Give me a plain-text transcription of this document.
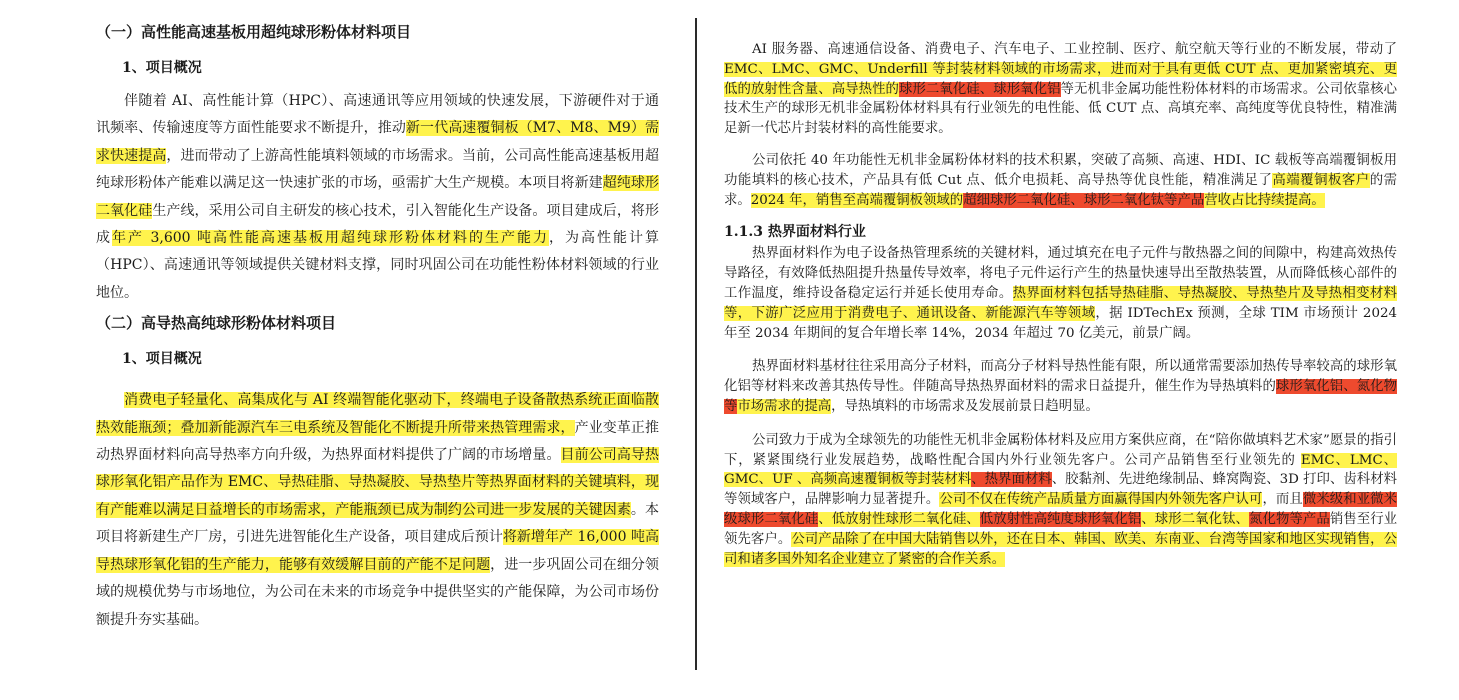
（一）高性能高速基板用超纯球形粉体材料项目
1、项目概况

伴随着 AI、高性能计算（HPC）、高速通讯等应用领域的快速发展，下游硬件对于通讯频率、传输速度等方面性能要求不断提升，推动新一代高速覆铜板（M7、M8、M9）需求快速提高，进而带动了上游高性能填料领域的市场需求。当前，公司高性能高速基板用超纯球形粉体产能难以满足这一快速扩张的市场，亟需扩大生产规模。本项目将新建超纯球形二氧化硅生产线，采用公司自主研发的核心技术，引入智能化生产设备。项目建成后，将形成年产 3,600 吨高性能高速基板用超纯球形粉体材料的生产能力，为高性能计算（HPC）、高速通讯等领域提供关键材料支撑，同时巩固公司在功能性粉体材料领域的行业地位。

（二）高导热高纯球形粉体材料项目
1、项目概况

消费电子轻量化、高集成化与 AI 终端智能化驱动下，终端电子设备散热系统正面临散热效能瓶颈；叠加新能源汽车三电系统及智能化不断提升所带来热管理需求，产业变革正推动热界面材料向高导热率方向升级，为热界面材料提供了广阔的市场增量。目前公司高导热球形氧化铝产品作为 EMC、导热硅脂、导热凝胶、导热垫片等热界面材料的关键填料，现有产能难以满足日益增长的市场需求，产能瓶颈已成为制约公司进一步发展的关键因素。本项目将新建生产厂房，引进先进智能化生产设备，项目建成后预计将新增年产 16,000 吨高导热球形氧化铝的生产能力，能够有效缓解目前的产能不足问题，进一步巩固公司在细分领域的规模优势与市场地位，为公司在未来的市场竞争中提供坚实的产能保障，为公司市场份额提升夯实基础。

AI 服务器、高速通信设备、消费电子、汽车电子、工业控制、医疗、航空航天等行业的不断发展，带动了 EMC、LMC、GMC、Underfill 等封装材料领域的市场需求，进而对于具有更低 CUT 点、更加紧密填充、更低的放射性含量、高导热性的球形二氧化硅、球形氧化铝等无机非金属功能性粉体材料的市场需求。公司依靠核心技术生产的球形无机非金属粉体材料具有行业领先的电性能、低 CUT 点、高填充率、高纯度等优良特性，精准满足新一代芯片封装材料的高性能要求。

公司依托 40 年功能性无机非金属粉体材料的技术积累，突破了高频、高速、HDI、IC 载板等高端覆铜板用功能填料的核心技术，产品具有低 Cut 点、低介电损耗、高导热等优良性能，精准满足了高端覆铜板客户的需求。2024 年，销售至高端覆铜板领域的超细球形二氧化硅、球形二氧化钛等产品营收占比持续提高。

1.1.3 热界面材料行业

热界面材料作为电子设备热管理系统的关键材料，通过填充在电子元件与散热器之间的间隙中，构建高效热传导路径，有效降低热阻提升热量传导效率，将电子元件运行产生的热量快速导出至散热装置，从而降低核心部件的工作温度，维持设备稳定运行并延长使用寿命。热界面材料包括导热硅脂、导热凝胶、导热垫片及导热相变材料等，下游广泛应用于消费电子、通讯设备、新能源汽车等领域，据 IDTechEx 预测，全球 TIM 市场预计 2024 年至 2034 年期间的复合年增长率 14%，2034 年超过 70 亿美元，前景广阔。

热界面材料基材往往采用高分子材料，而高分子材料导热性能有限，所以通常需要添加热传导率较高的球形氧化铝等材料来改善其热传导性。伴随高导热热界面材料的需求日益提升，催生作为导热填料的球形氧化铝、氮化物等市场需求的提高，导热填料的市场需求及发展前景日趋明显。

公司致力于成为全球领先的功能性无机非金属粉体材料及应用方案供应商，在“陪你做填料艺术家”愿景的指引下，紧紧围绕行业发展趋势，战略性配合国内外行业领先客户。公司产品销售至行业领先的 EMC、LMC、GMC、UF 、高频高速覆铜板等封装材料、热界面材料、胶黏剂、先进绝缘制品、蜂窝陶瓷、3D 打印、齿科材料等领域客户，品牌影响力显著提升。公司不仅在传统产品质量方面赢得国内外领先客户认可，而且微米级和亚微米级球形二氧化硅、低放射性球形二氧化硅、低放射性高纯度球形氧化铝、球形二氧化钛、氮化物等产品销售至行业领先客户。公司产品除了在中国大陆销售以外，还在日本、韩国、欧美、东南亚、台湾等国家和地区实现销售，公司和诸多国外知名企业建立了紧密的合作关系。
